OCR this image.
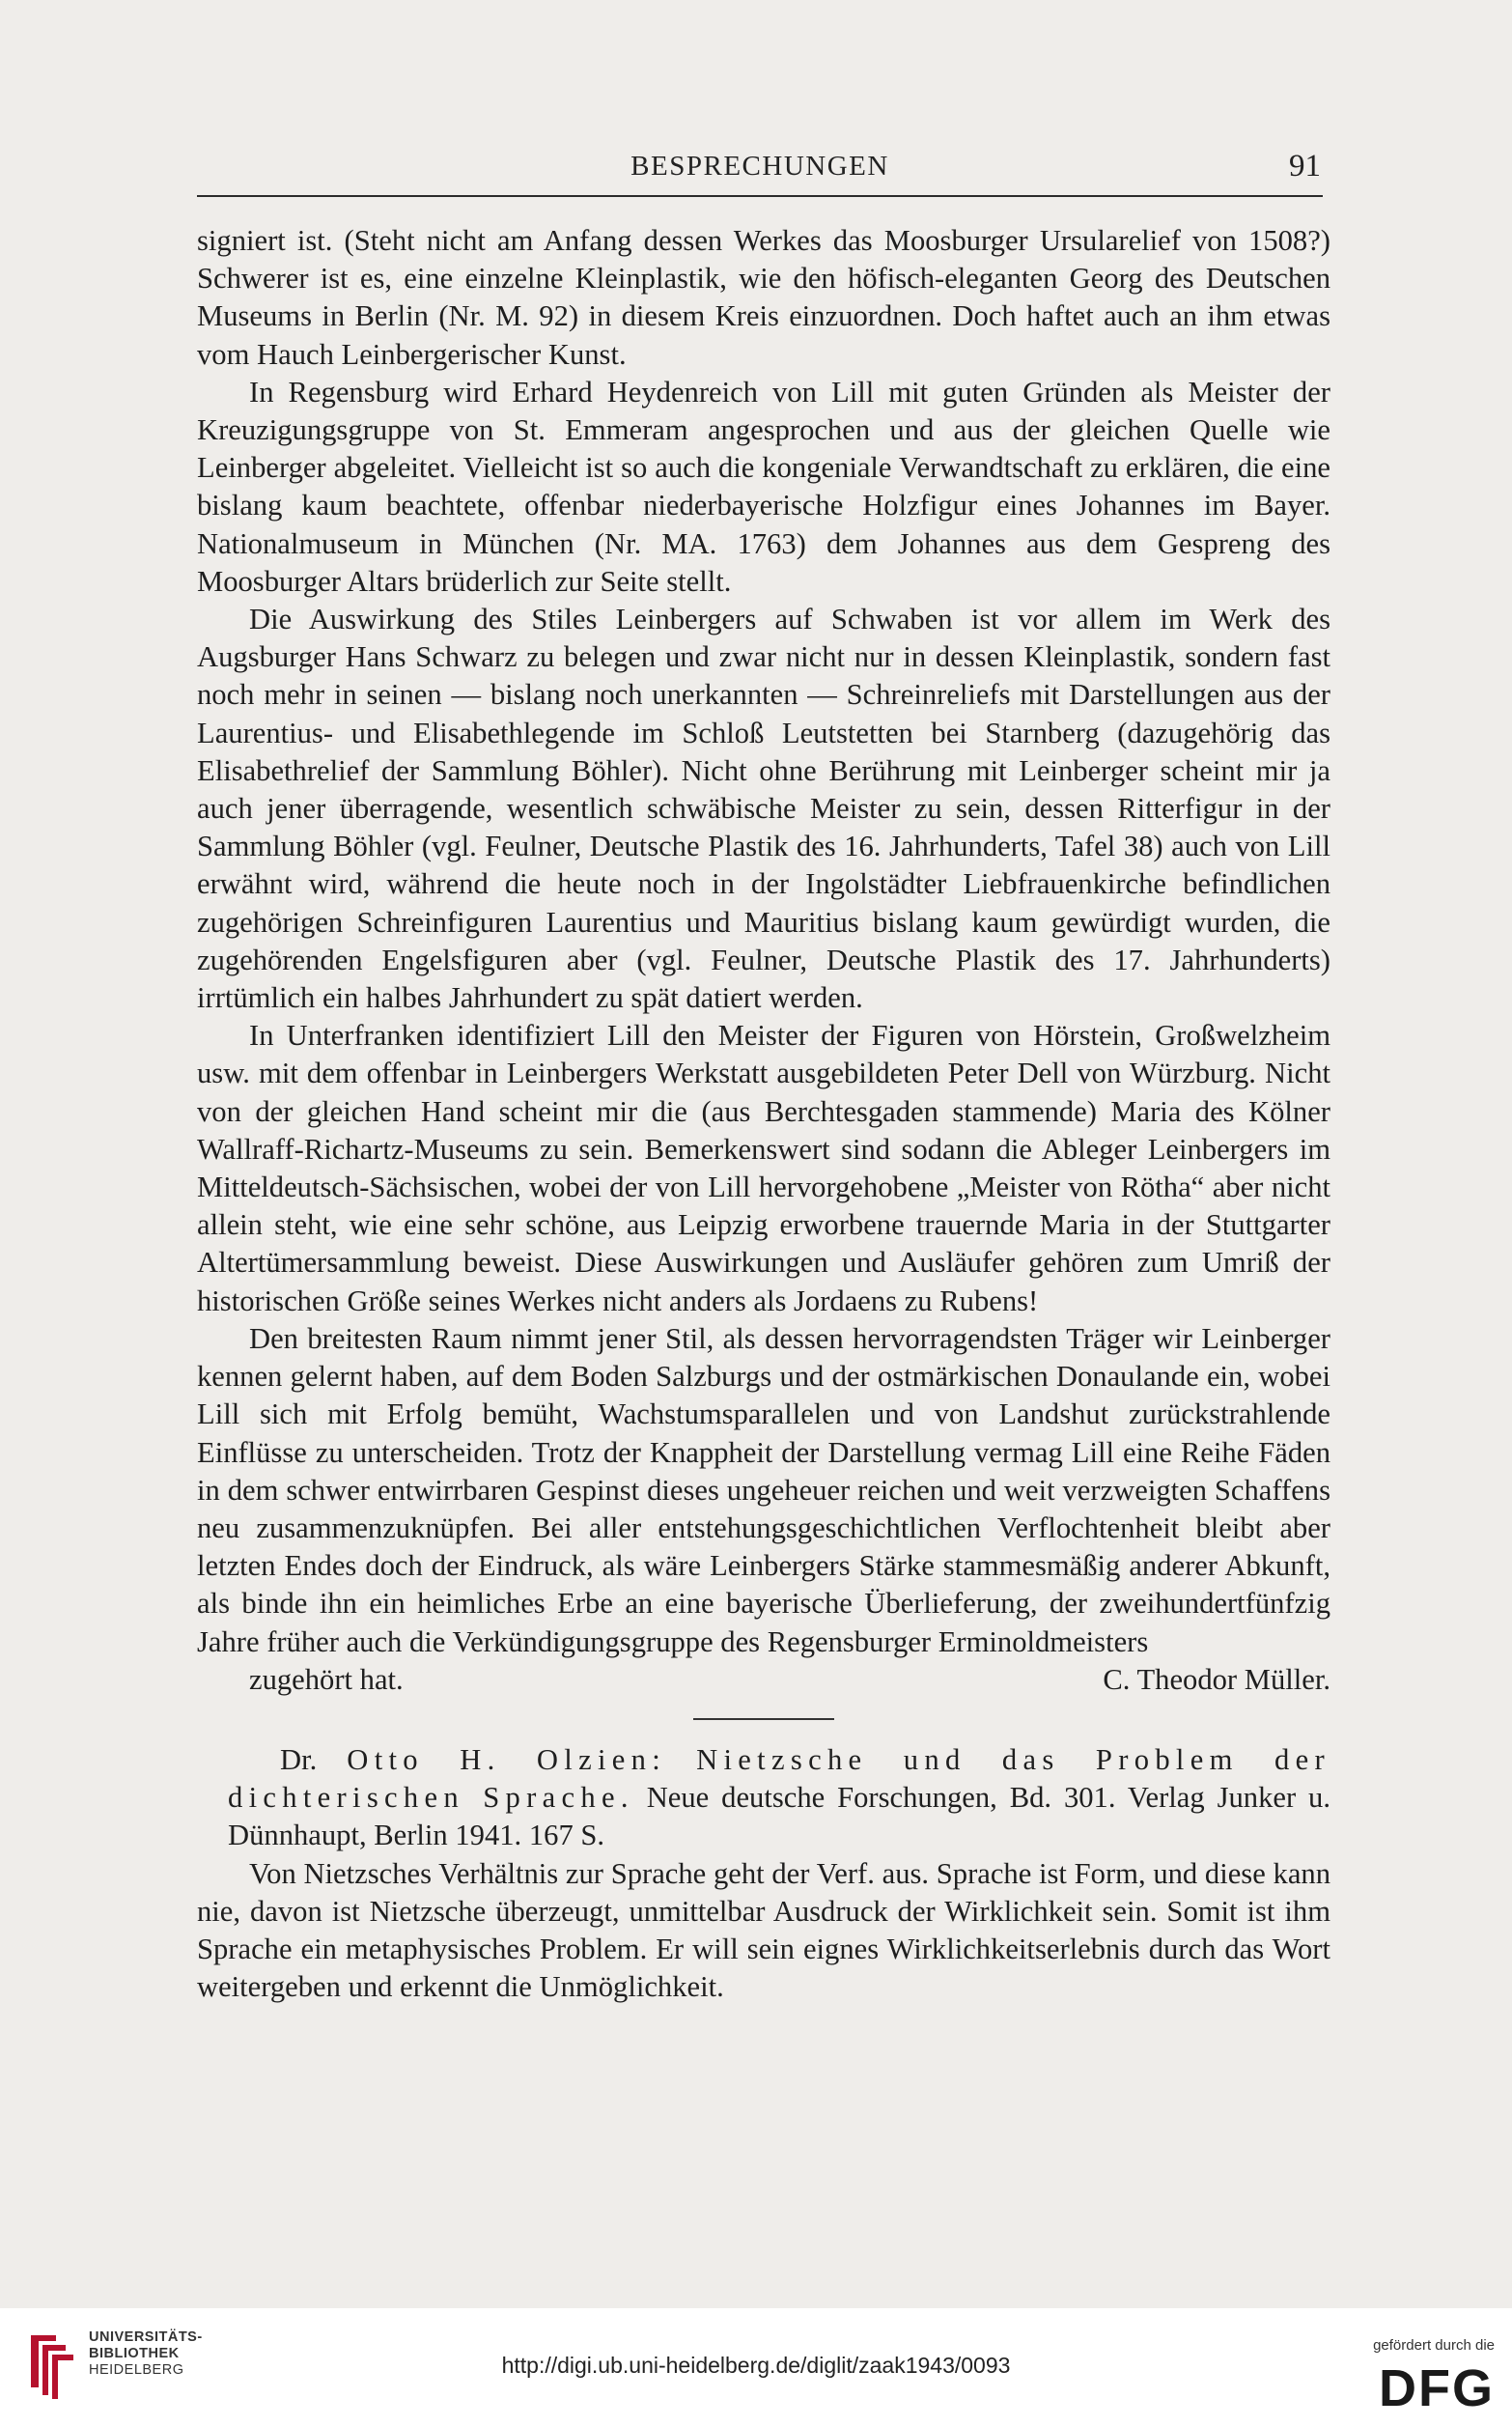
BESPRECHUNGEN	91

signiert ist. (Steht nicht am Anfang dessen Werkes das Moosburger Ursularelief von 1508?) Schwerer ist es, eine einzelne Kleinplastik, wie den höfisch-eleganten Georg des Deutschen Museums in Berlin (Nr. M. 92) in diesem Kreis einzuordnen. Doch haftet auch an ihm etwas vom Hauch Leinbergerischer Kunst.

In Regensburg wird Erhard Heydenreich von Lill mit guten Gründen als Meister der Kreuzigungsgruppe von St. Emmeram angesprochen und aus der gleichen Quelle wie Leinberger abgeleitet. Vielleicht ist so auch die kongeniale Verwandtschaft zu erklären, die eine bislang kaum beachtete, offenbar niederbayerische Holzfigur eines Johannes im Bayer. Nationalmuseum in München (Nr. MA. 1763) dem Johannes aus dem Gespreng des Moosburger Altars brüderlich zur Seite stellt.

Die Auswirkung des Stiles Leinbergers auf Schwaben ist vor allem im Werk des Augsburger Hans Schwarz zu belegen und zwar nicht nur in dessen Kleinplastik, sondern fast noch mehr in seinen — bislang noch unerkannten — Schreinreliefs mit Darstellungen aus der Laurentius- und Elisabethlegende im Schloß Leutstetten bei Starnberg (dazugehörig das Elisabethrelief der Sammlung Böhler). Nicht ohne Berührung mit Leinberger scheint mir ja auch jener überragende, wesentlich schwäbische Meister zu sein, dessen Ritterfigur in der Sammlung Böhler (vgl. Feulner, Deutsche Plastik des 16. Jahrhunderts, Tafel 38) auch von Lill erwähnt wird, während die heute noch in der Ingolstädter Liebfrauenkirche befindlichen zugehörigen Schreinfiguren Laurentius und Mauritius bislang kaum gewürdigt wurden, die zugehörenden Engelsfiguren aber (vgl. Feulner, Deutsche Plastik des 17. Jahrhunderts) irrtümlich ein halbes Jahrhundert zu spät datiert werden.

In Unterfranken identifiziert Lill den Meister der Figuren von Hörstein, Großwelzheim usw. mit dem offenbar in Leinbergers Werkstatt ausgebildeten Peter Dell von Würzburg. Nicht von der gleichen Hand scheint mir die (aus Berchtesgaden stammende) Maria des Kölner Wallraff-Richartz-Museums zu sein. Bemerkenswert sind sodann die Ableger Leinbergers im Mitteldeutsch-Sächsischen, wobei der von Lill hervorgehobene „Meister von Rötha“ aber nicht allein steht, wie eine sehr schöne, aus Leipzig erworbene trauernde Maria in der Stuttgarter Altertümersammlung beweist. Diese Auswirkungen und Ausläufer gehören zum Umriß der historischen Größe seines Werkes nicht anders als Jordaens zu Rubens!

Den breitesten Raum nimmt jener Stil, als dessen hervorragendsten Träger wir Leinberger kennen gelernt haben, auf dem Boden Salzburgs und der ostmärkischen Donaulande ein, wobei Lill sich mit Erfolg bemüht, Wachstumsparallelen und von Landshut zurückstrahlende Einflüsse zu unterscheiden. Trotz der Knappheit der Darstellung vermag Lill eine Reihe Fäden in dem schwer entwirrbaren Gespinst dieses ungeheuer reichen und weit verzweigten Schaffens neu zusammenzuknüpfen. Bei aller entstehungsgeschichtlichen Verflochtenheit bleibt aber letzten Endes doch der Eindruck, als wäre Leinbergers Stärke stammesmäßig anderer Abkunft, als binde ihn ein heimliches Erbe an eine bayerische Überlieferung, der zweihundertfünfzig Jahre früher auch die Verkündigungsgruppe des Regensburger Erminoldmeisters

zugehört hat.	C. Theodor Müller.

Dr. Otto H. Olzien: Nietzsche und das Problem der dichterischen Sprache. Neue deutsche Forschungen, Bd. 301. Verlag Junker u. Dünnhaupt, Berlin 1941. 167 S.

Von Nietzsches Verhältnis zur Sprache geht der Verf. aus. Sprache ist Form, und diese kann nie, davon ist Nietzsche überzeugt, unmittelbar Ausdruck der Wirklichkeit sein. Somit ist ihm Sprache ein metaphysisches Problem. Er will sein eignes Wirklichkeitserlebnis durch das Wort weitergeben und erkennt die Unmöglichkeit.

UNIVERSITÄTS-
BIBLIOTHEK
HEIDELBERG	http://digi.ub.uni-heidelberg.de/diglit/zaak1943/0093
gefördert durch die
DFG
